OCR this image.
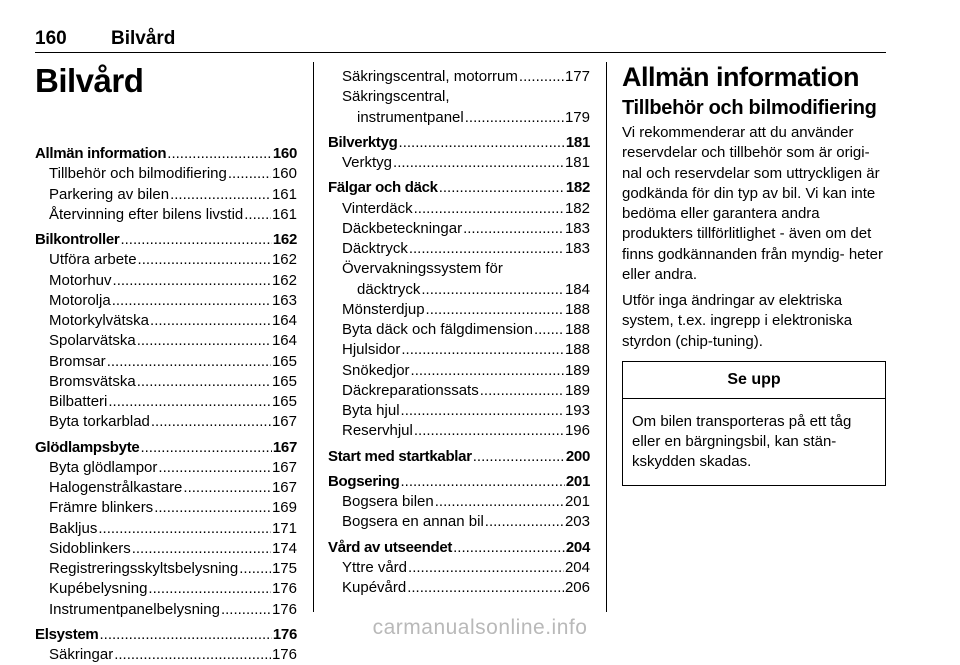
160 Bilvård
Bilvård
Allmän information .....	160
Tillbehör och bilmodifiering .....	160
Parkering av bilen .....	161
Återvinning efter bilens livstid ..... 161
Bilkontroller .....	162
Utföra arbete .....	162
Motorhuv .....	162
Motorolja .....	163
Motorkylvätska .....	164
Spolarvätska .....	164
Bromsar .....	165
Bromsvätska .....	165
Bilbatteri .....	165
Byta torkarblad .....	167
Glödlampsbyte .....	167
Byta glödlampor .....	167
Halogenstrålkastare .....	167
Främre blinkers .....	169
Bakljus .....	171
Sidoblinkers .....	174
Registreringsskyltsbelysning ..... 175
Kupébelysning .....	176
Instrumentpanelbelysning .....	176
Elsystem .....	176
Säkringar .....	176
Säkringscentral, motorrum .....	177
Säkringscentral,
instrumentpanel .....	179
Bilverktyg .....	181
Verktyg .....	181
Fälgar och däck .....	182
Vinterdäck .....	182
Däckbeteckningar .....	183
Däcktryck .....	183
Övervakningssystem för
däcktryck .....	184
Mönsterdjup .....	188
Byta däck och fälgdimension ..... 188
Hjulsidor .....	188
Snökedjor .....	189
Däckreparationssats .....	189
Byta hjul .....	193
Reservhjul .....	196
Start med startkablar .....	200
Bogsering .....	201
Bogsera bilen .....	201
Bogsera en annan bil .....	203
Vård av utseendet .....	204
Yttre vård .....	204
Kupévård .....	206
Allmän information
Tillbehör och bilmodifiering

Vi rekommenderar att du använder reservdelar och tillbehör som är origi- nal och reservdelar som uttryckligen är godkända för din typ av bil. Vi kan inte bedöma eller garantera andra produkters tillförlitlighet - även om det finns godkännanden från myndig- heter eller andra.

Utför inga ändringar av elektriska system, t.ex. ingrepp i elektroniska styrdon (chip-tuning).

Se upp
Om bilen transporteras på ett tåg eller en bärgningsbil, kan stän- kskydden skadas.
carmanualsonline.info
